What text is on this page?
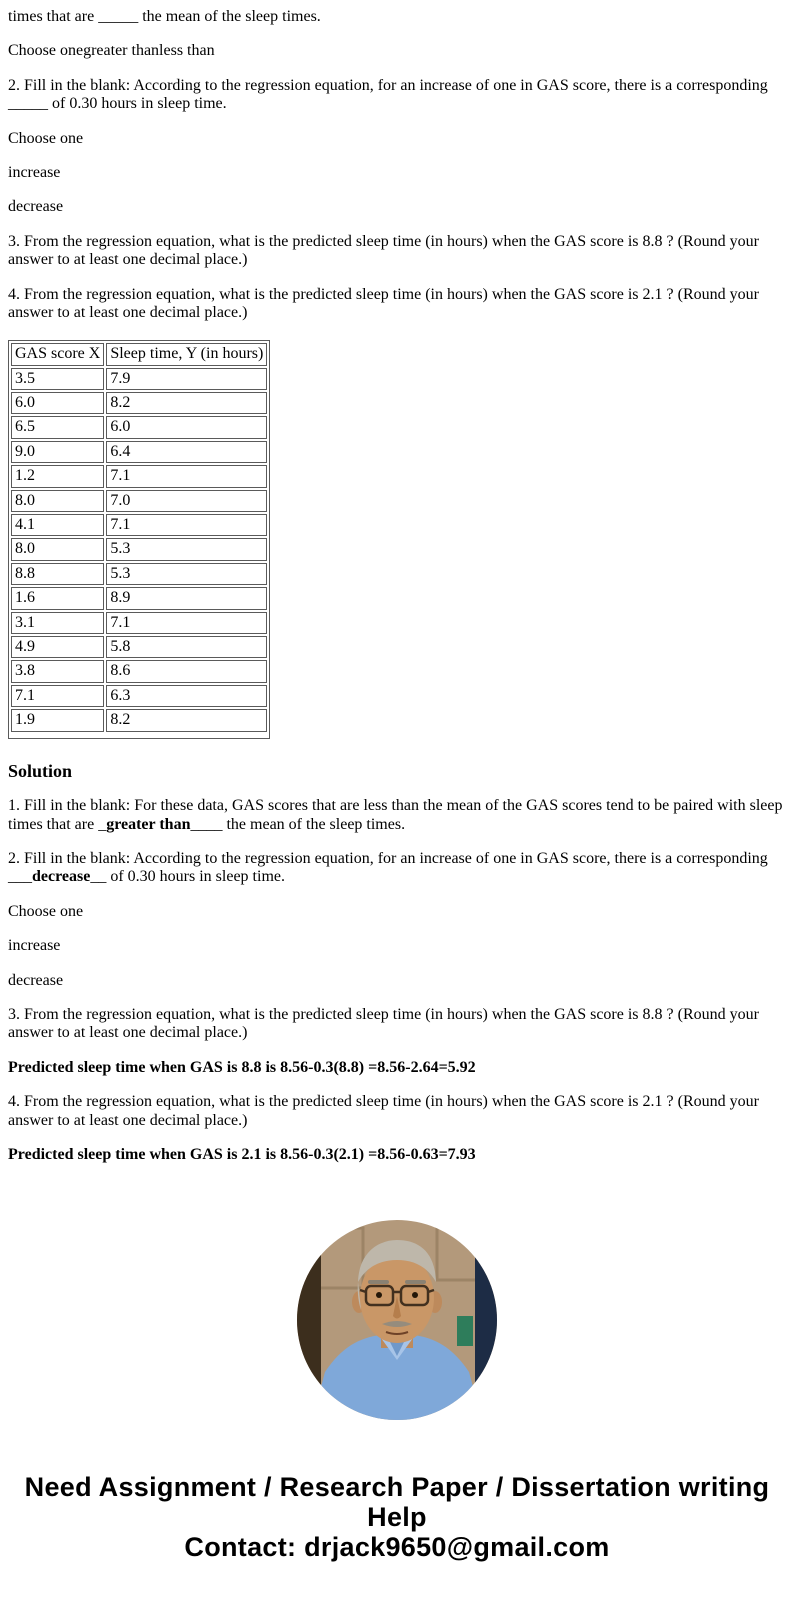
times that are _____ the mean of the sleep times.

Choose onegreater thanless than

2. Fill in the blank: According to the regression equation, for an increase of one in GAS score, there is a corresponding _____ of 0.30 hours in sleep time.

Choose one

increase

decrease

3. From the regression equation, what is the predicted sleep time (in hours) when the GAS score is 8.8 ? (Round your answer to at least one decimal place.)

4. From the regression equation, what is the predicted sleep time (in hours) when the GAS score is 2.1 ? (Round your answer to at least one decimal place.)

GAS score X	Sleep time, Y (in hours)
3.5	7.9
6.0	8.2
6.5	6.0
9.0	6.4
1.2	7.1
8.0	7.0
4.1	7.1
8.0	5.3
8.8	5.3
1.6	8.9
3.1	7.1
4.9	5.8
3.8	8.6
7.1	6.3
1.9	8.2
Solution

1. Fill in the blank: For these data, GAS scores that are less than the mean of the GAS scores tend to be paired with sleep times that are _greater than____ the mean of the sleep times.

2. Fill in the blank: According to the regression equation, for an increase of one in GAS score, there is a corresponding ___decrease__ of 0.30 hours in sleep time.

Choose one

increase

decrease

3. From the regression equation, what is the predicted sleep time (in hours) when the GAS score is 8.8 ? (Round your answer to at least one decimal place.)

Predicted sleep time when GAS is 8.8 is 8.56-0.3(8.8) =8.56-2.64=5.92

4. From the regression equation, what is the predicted sleep time (in hours) when the GAS score is 2.1 ? (Round your answer to at least one decimal place.)

Predicted sleep time when GAS is 2.1 is 8.56-0.3(2.1) =8.56-0.63=7.93

Need Assignment / Research Paper / Dissertation writing Help
Contact: drjack9650@gmail.com
